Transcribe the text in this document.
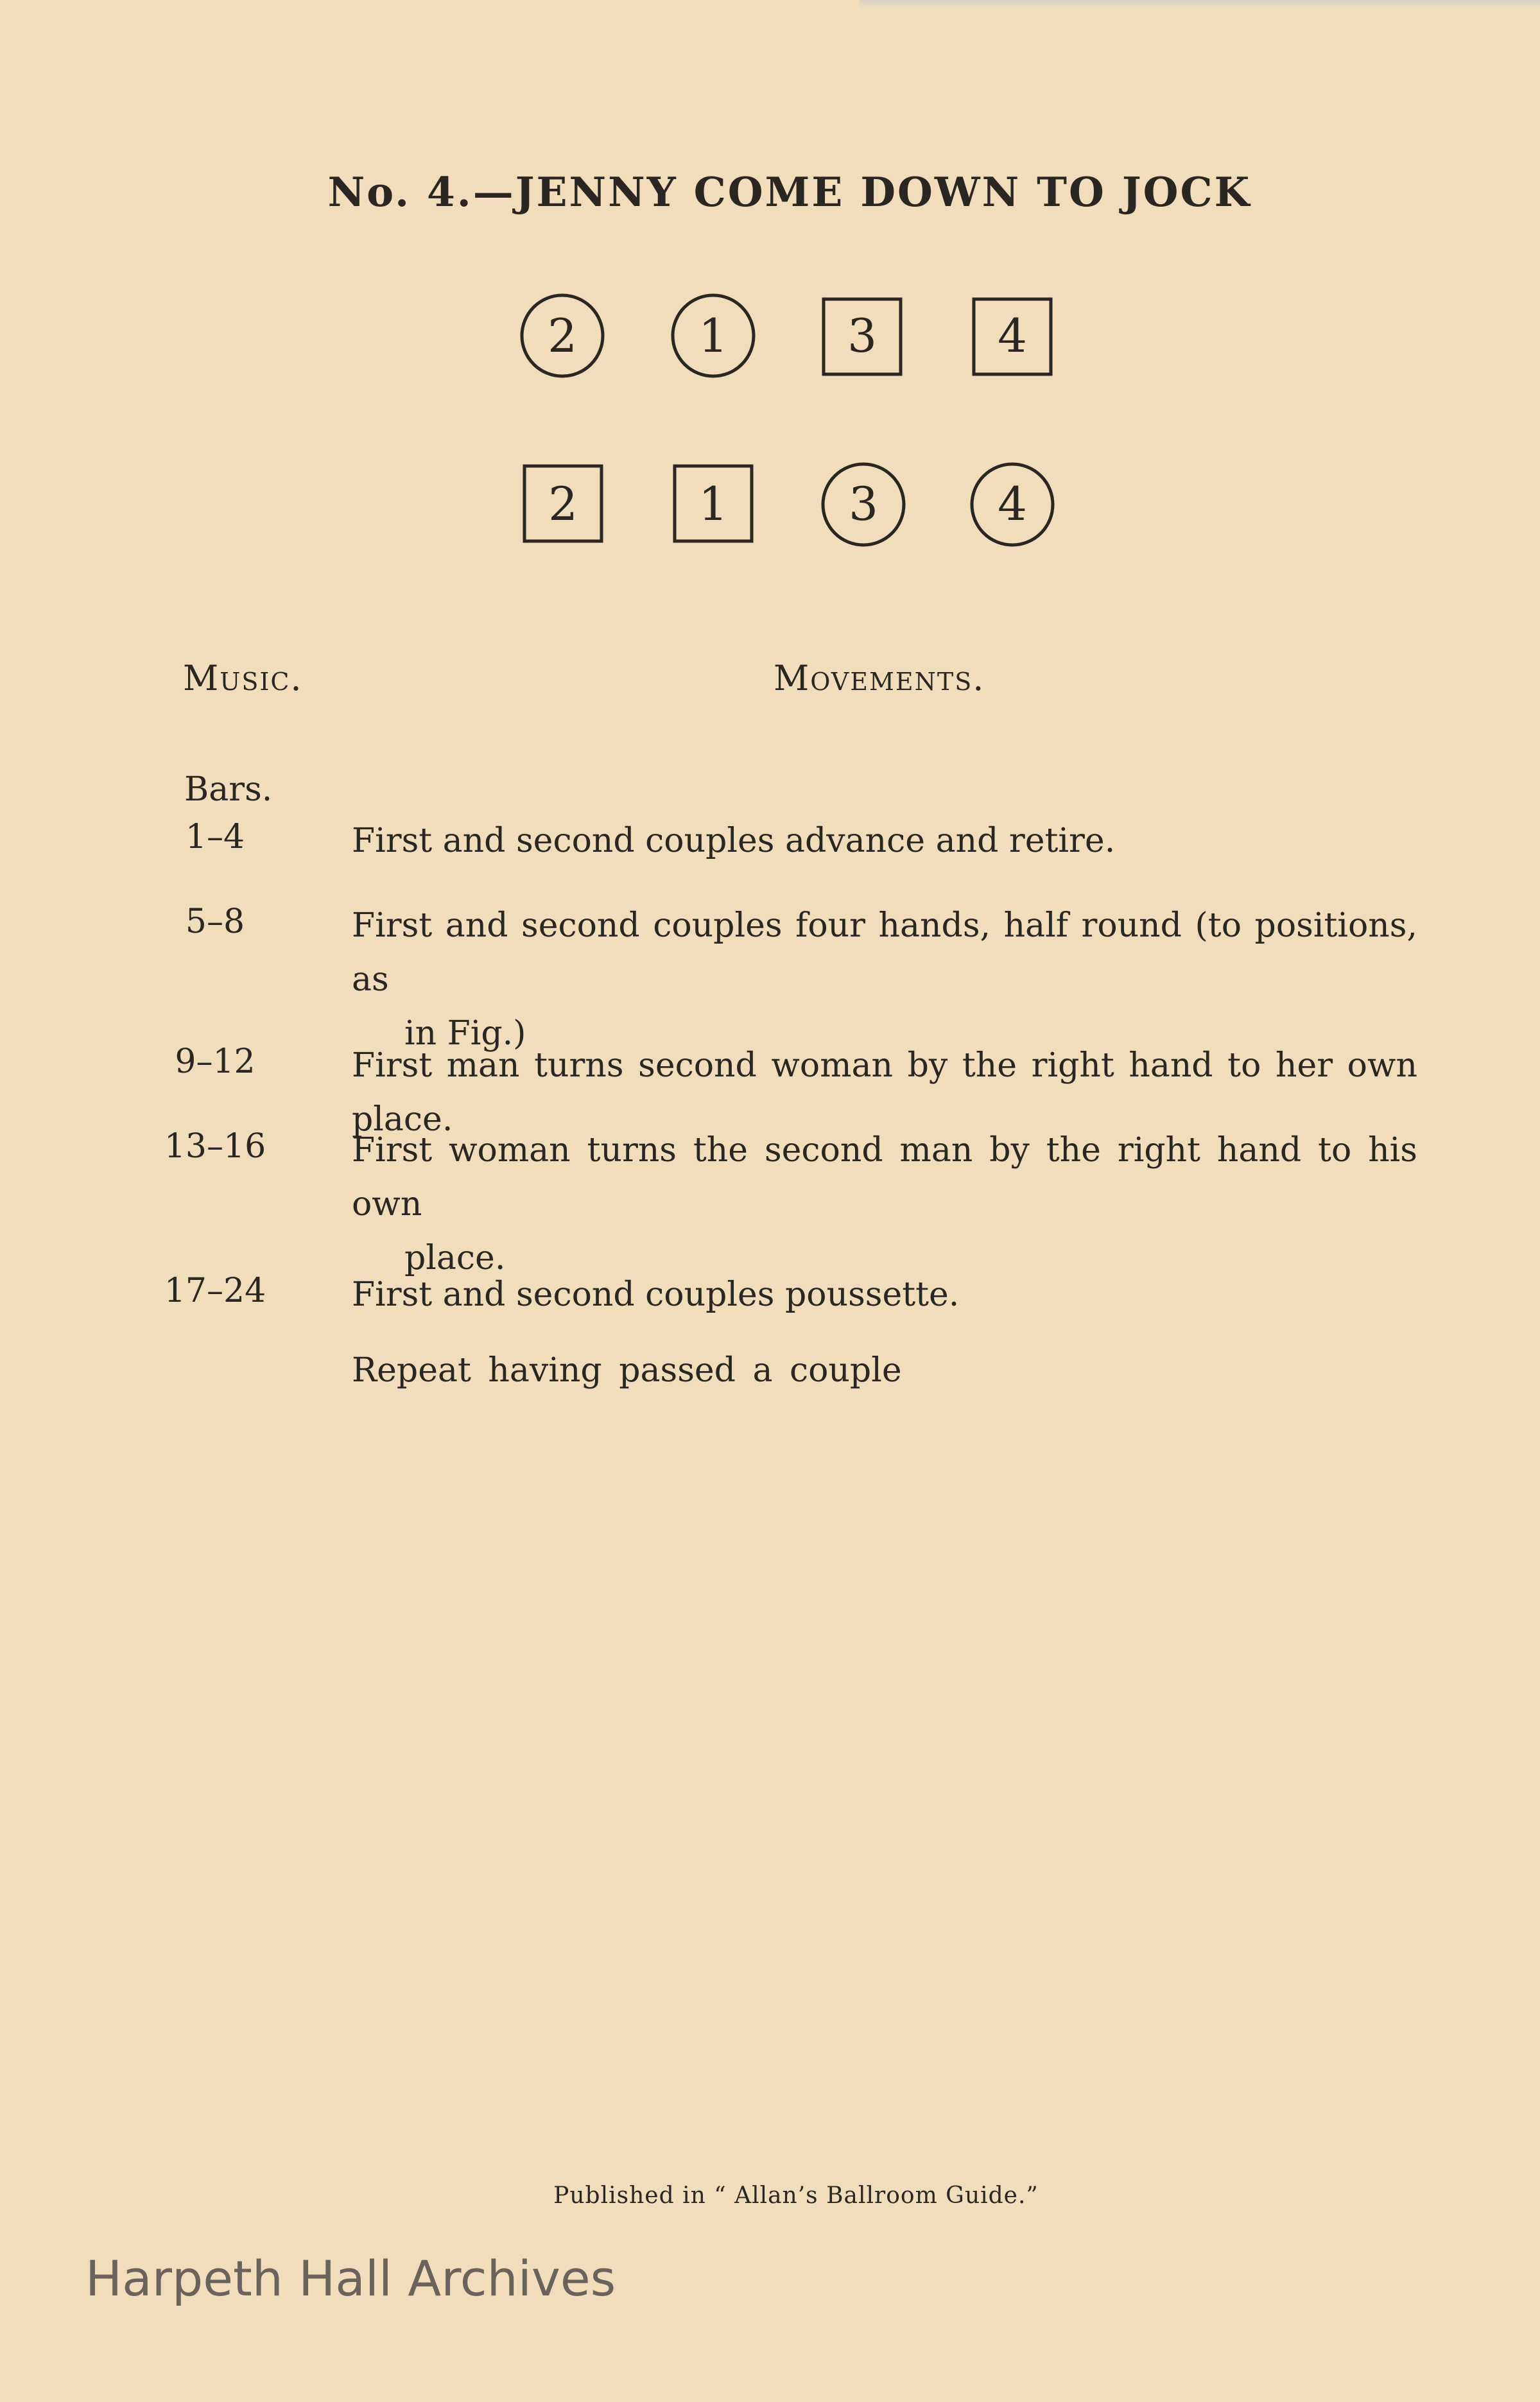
No. 4.—JENNY COME DOWN TO JOCK
2	1	3	4
2	1	3	4
Music.	Movements.
Bars.
1–4	First and second couples advance and retire.
5–8	First and second couples four hands, half round (to positions, as
in Fig.)
9–12	First man turns second woman by the right hand to her own place.
13–16	First woman turns the second man by the right hand to his own
place.
17–24	First and second couples poussette.
Repeat having passed a couple
Published in “ Allan’s Ballroom Guide.”
Harpeth Hall Archives
